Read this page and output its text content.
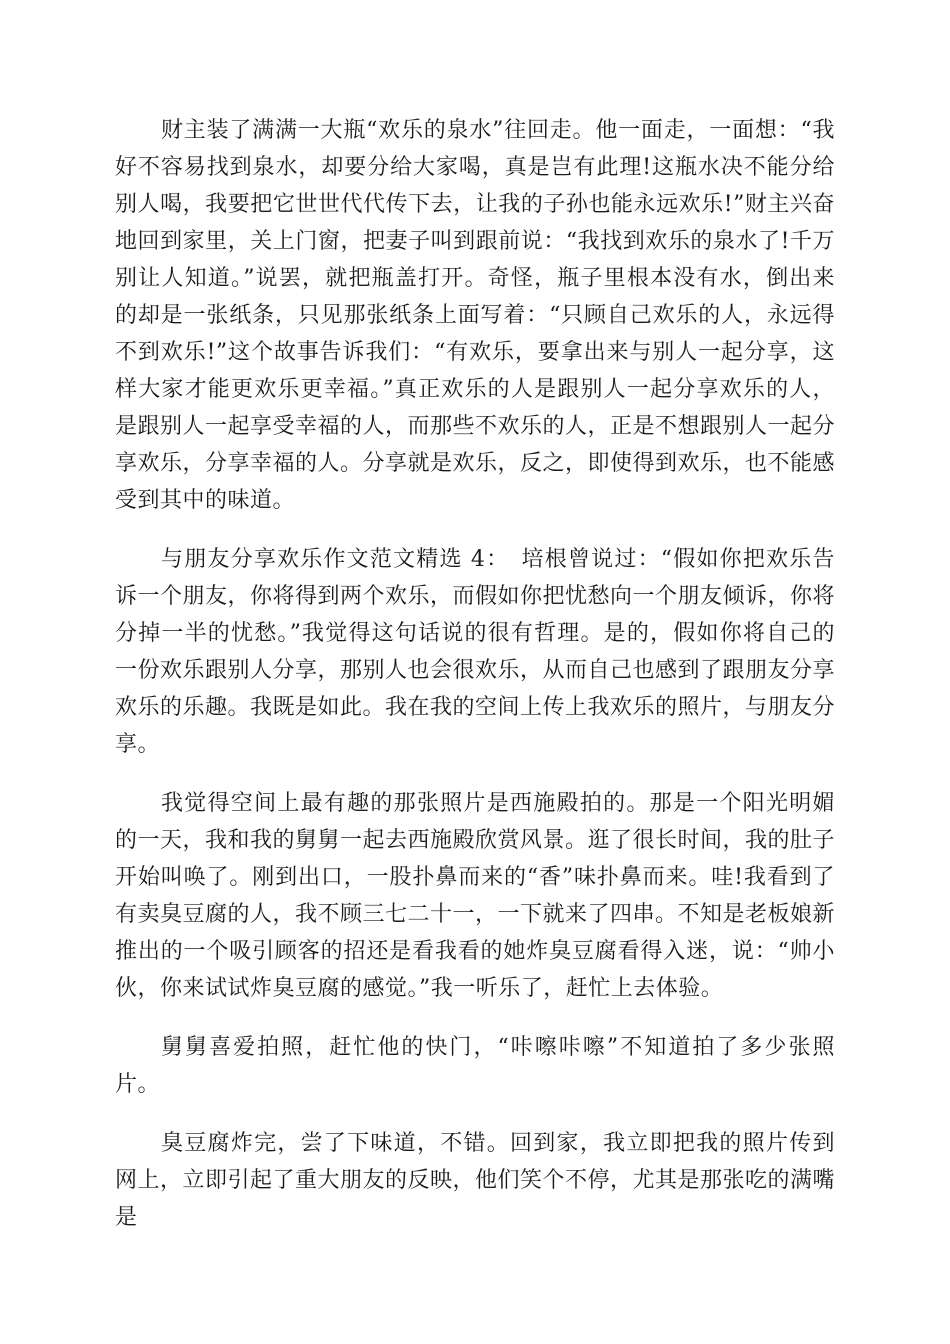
财主装了满满一大瓶“欢乐的泉水”往回走。他一面走，一面想：“我好不容易找到泉水，却要分给大家喝，真是岂有此理!这瓶水决不能分给别人喝，我要把它世世代代传下去，让我的子孙也能永远欢乐!”财主兴奋地回到家里，关上门窗，把妻子叫到跟前说：“我找到欢乐的泉水了!千万别让人知道。”说罢，就把瓶盖打开。奇怪，瓶子里根本没有水，倒出来的却是一张纸条，只见那张纸条上面写着：“只顾自己欢乐的人，永远得不到欢乐!”这个故事告诉我们：“有欢乐，要拿出来与别人一起分享，这样大家才能更欢乐更幸福。”真正欢乐的人是跟别人一起分享欢乐的人，是跟别人一起享受幸福的人，而那些不欢乐的人，正是不想跟别人一起分享欢乐，分享幸福的人。分享就是欢乐，反之，即使得到欢乐，也不能感受到其中的味道。

与朋友分享欢乐作文范文精选 4：　培根曾说过：“假如你把欢乐告诉一个朋友，你将得到两个欢乐，而假如你把忧愁向一个朋友倾诉，你将分掉一半的忧愁。”我觉得这句话说的很有哲理。是的，假如你将自己的一份欢乐跟别人分享，那别人也会很欢乐，从而自己也感到了跟朋友分享欢乐的乐趣。我既是如此。我在我的空间上传上我欢乐的照片，与朋友分享。

我觉得空间上最有趣的那张照片是西施殿拍的。那是一个阳光明媚的一天，我和我的舅舅一起去西施殿欣赏风景。逛了很长时间，我的肚子开始叫唤了。刚到出口，一股扑鼻而来的“香”味扑鼻而来。哇!我看到了有卖臭豆腐的人，我不顾三七二十一，一下就来了四串。不知是老板娘新推出的一个吸引顾客的招还是看我看的她炸臭豆腐看得入迷，说：“帅小伙，你来试试炸臭豆腐的感觉。”我一听乐了，赶忙上去体验。

舅舅喜爱拍照，赶忙他的快门，“咔嚓咔嚓”不知道拍了多少张照片。

臭豆腐炸完，尝了下味道，不错。回到家，我立即把我的照片传到网上，立即引起了重大朋友的反映，他们笑个不停，尤其是那张吃的满嘴是
